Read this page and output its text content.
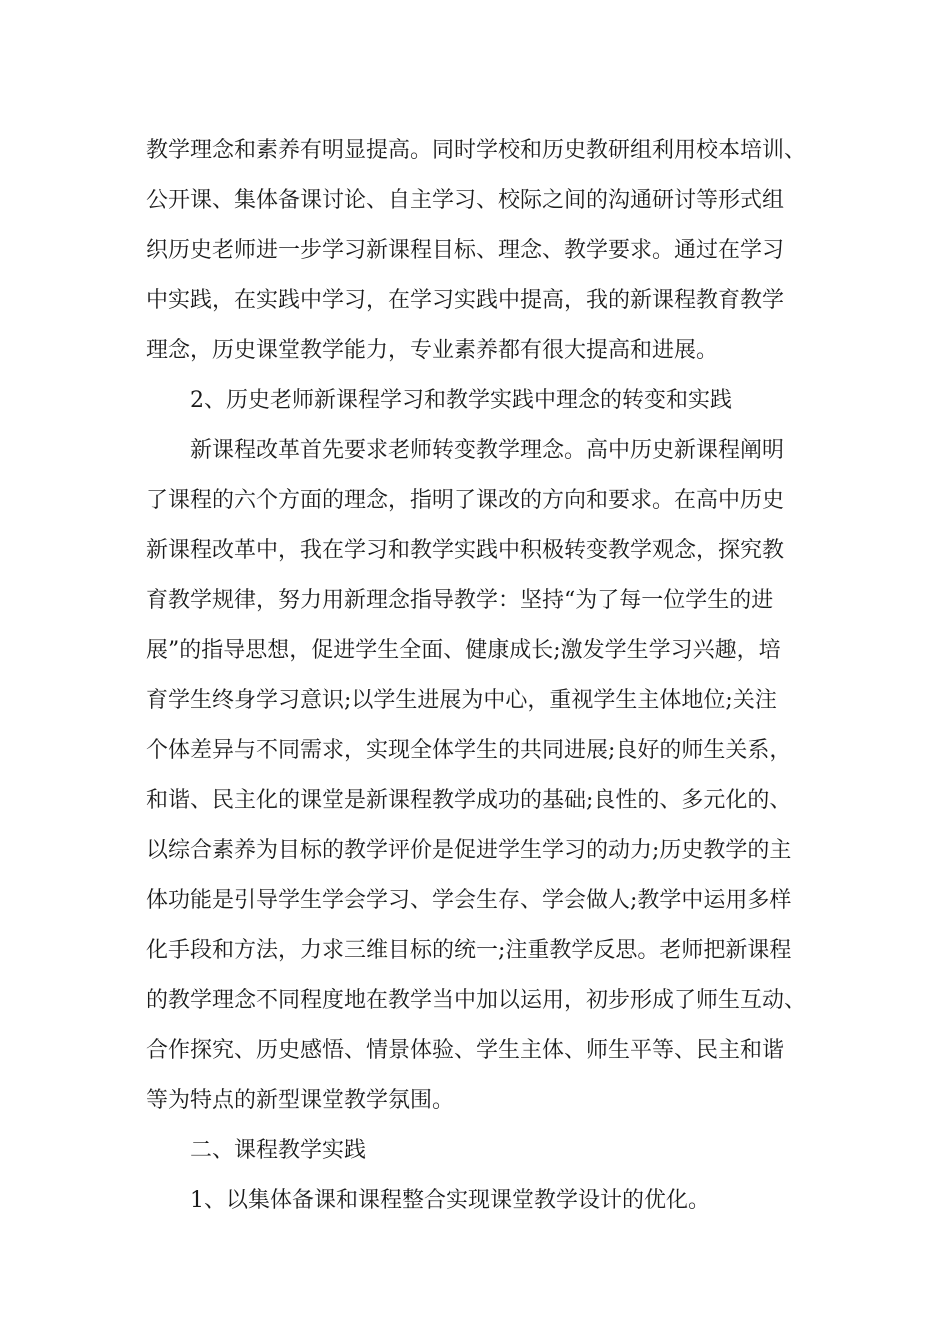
教学理念和素养有明显提高。同时学校和历史教研组利用校本培训、
公开课、集体备课讨论、自主学习、校际之间的沟通研讨等形式组
织历史老师进一步学习新课程目标、理念、教学要求。通过在学习
中实践，在实践中学习，在学习实践中提高，我的新课程教育教学
理念，历史课堂教学能力，专业素养都有很大提高和进展。
2、历史老师新课程学习和教学实践中理念的转变和实践
新课程改革首先要求老师转变教学理念。高中历史新课程阐明
了课程的六个方面的理念，指明了课改的方向和要求。在高中历史
新课程改革中，我在学习和教学实践中积极转变教学观念，探究教
育教学规律，努力用新理念指导教学：坚持“为了每一位学生的进
展”的指导思想，促进学生全面、健康成长;激发学生学习兴趣，培
育学生终身学习意识;以学生进展为中心，重视学生主体地位;关注
个体差异与不同需求，实现全体学生的共同进展;良好的师生关系，
和谐、民主化的课堂是新课程教学成功的基础;良性的、多元化的、
以综合素养为目标的教学评价是促进学生学习的动力;历史教学的主
体功能是引导学生学会学习、学会生存、学会做人;教学中运用多样
化手段和方法，力求三维目标的统一;注重教学反思。老师把新课程
的教学理念不同程度地在教学当中加以运用，初步形成了师生互动、
合作探究、历史感悟、情景体验、学生主体、师生平等、民主和谐
等为特点的新型课堂教学氛围。
二、课程教学实践
1、以集体备课和课程整合实现课堂教学设计的优化。
